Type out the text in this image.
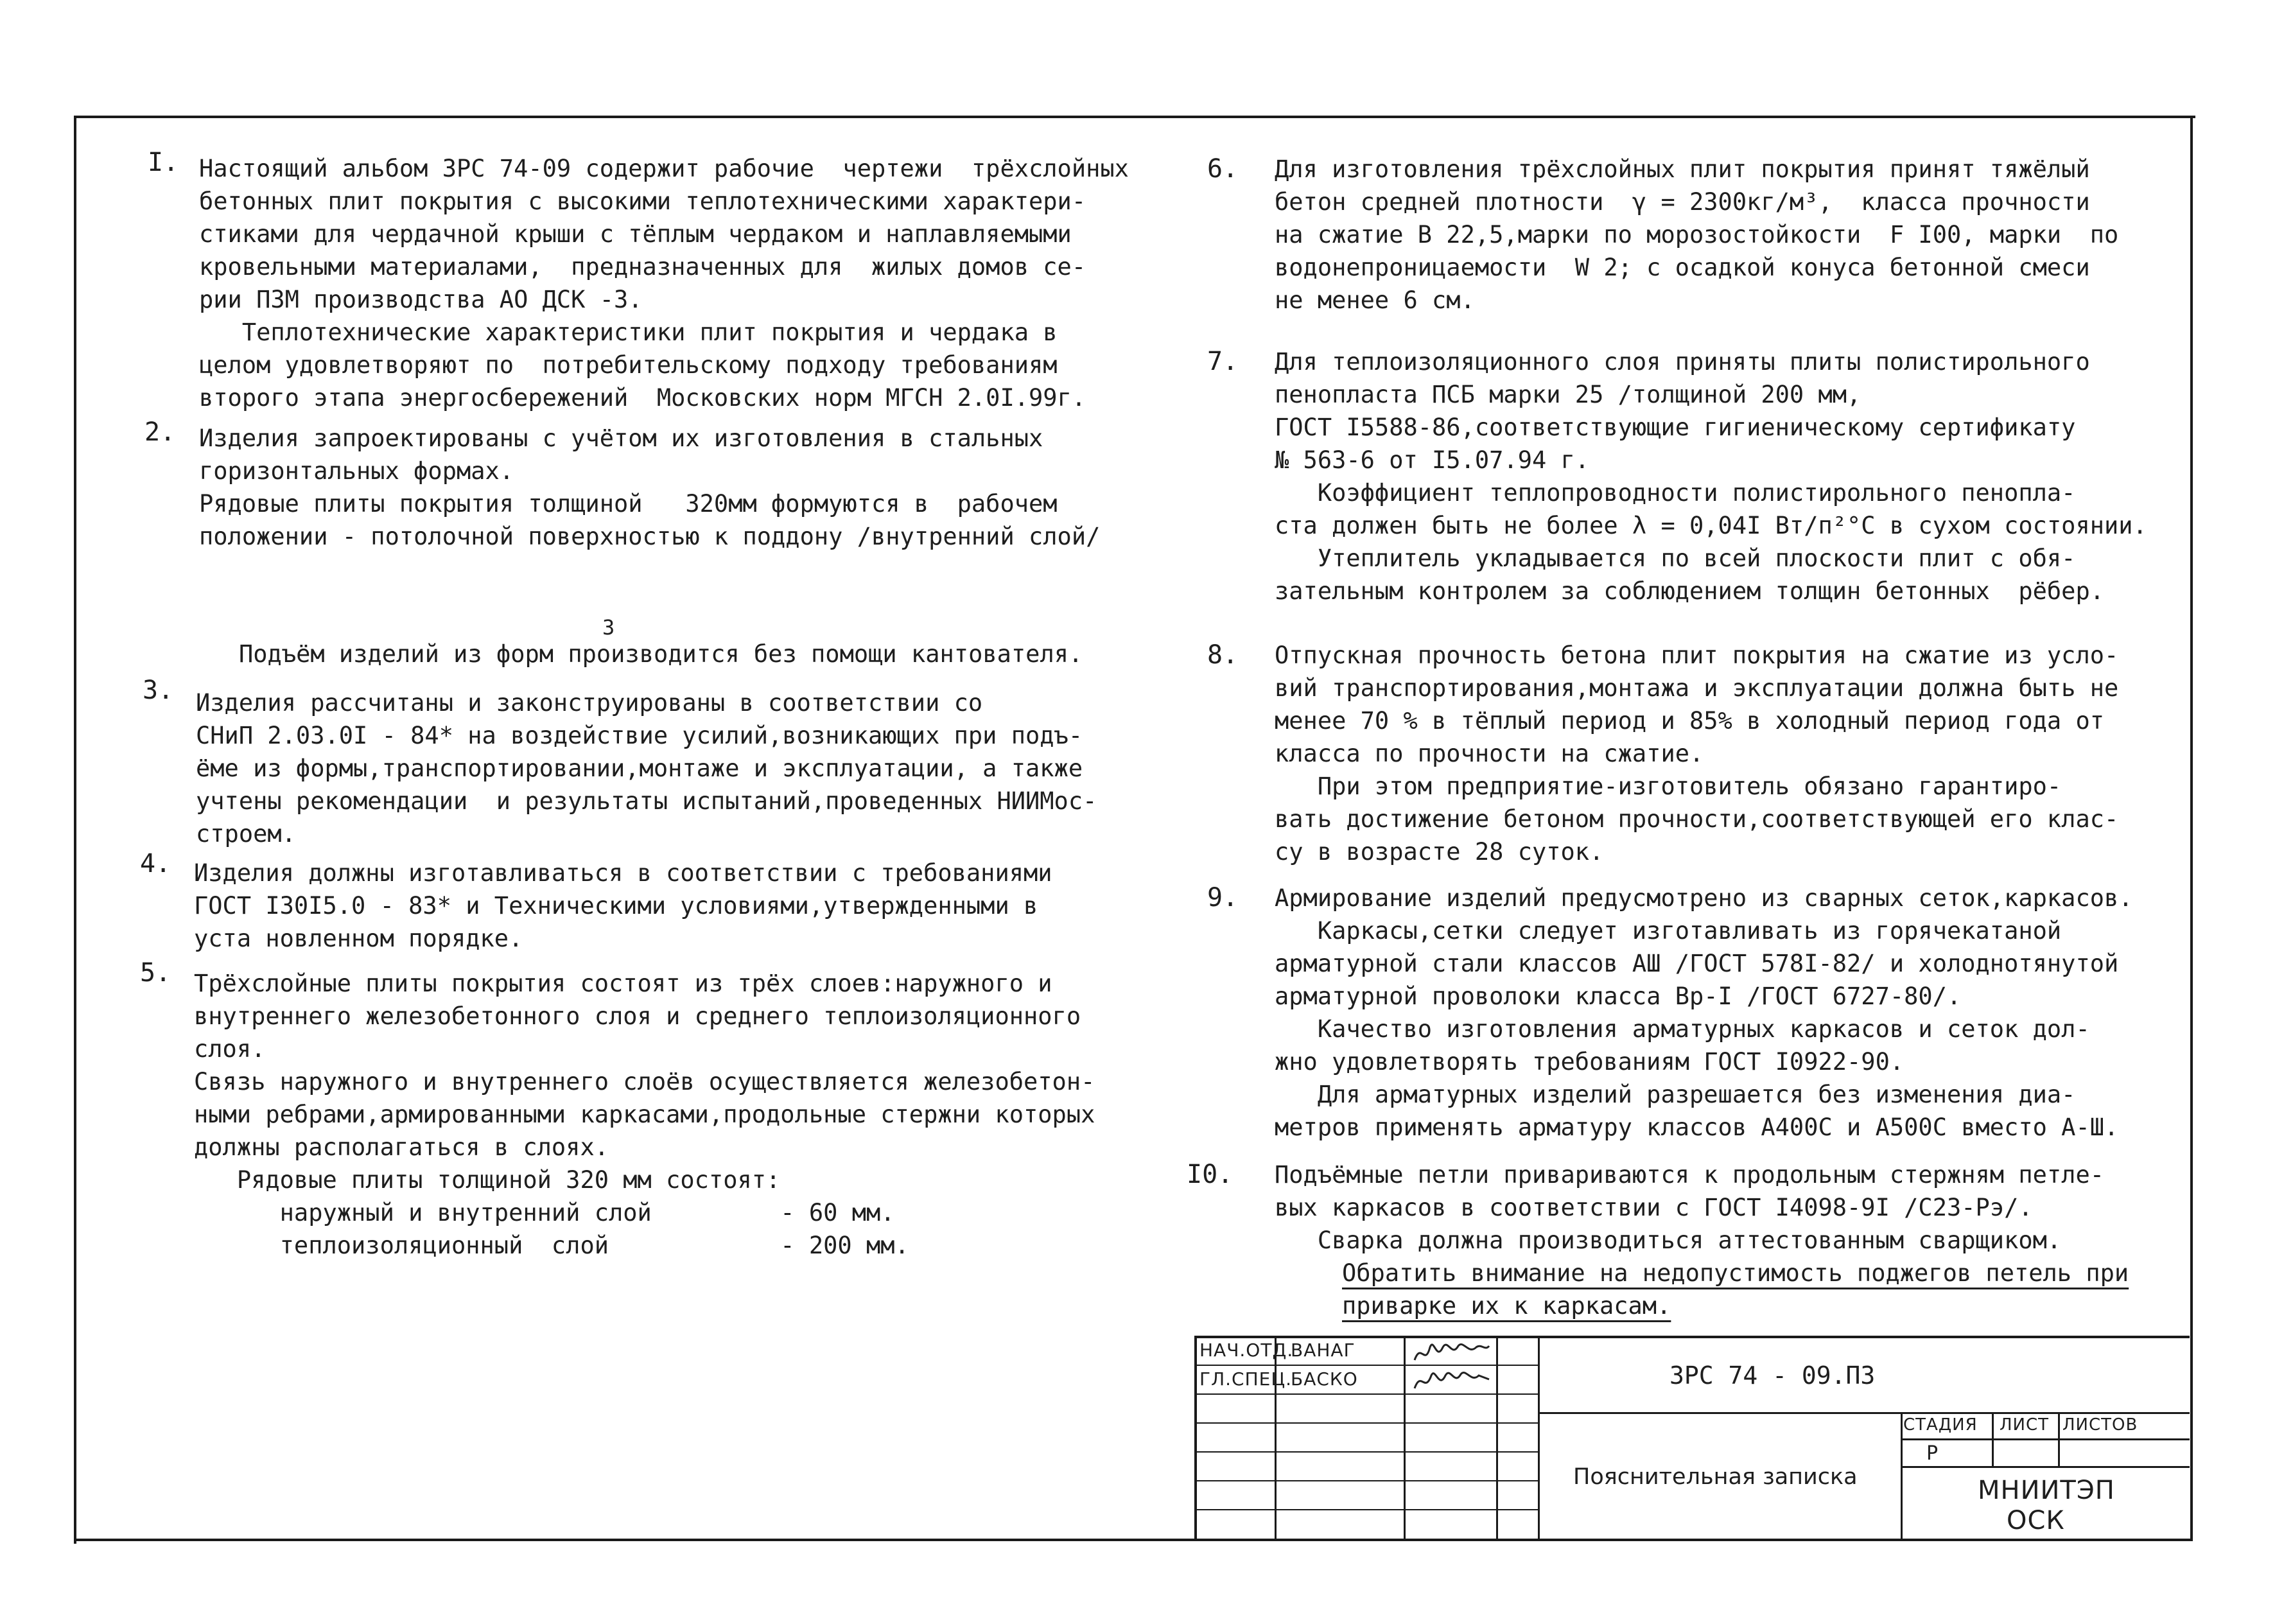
I. Настоящий альбом ЗРС 74-09 содержит рабочие  чертежи  трёхслойных
бетонных плит покрытия с высокими теплотехническими характери-
стиками для чердачной крыши с тёплым чердаком и наплавляемыми
кровельными материалами,  предназначенных для  жилых домов се-
рии П3М производства АО ДСК -3.
Теплотехнические характеристики плит покрытия и чердака в
целом удовлетворяют по  потребительскому подходу требованиям
второго этапа энергосбережений  Московских норм МГСН 2.0I.99г.
2. Изделия запроектированы с учётом их изготовления в стальных
горизонтальных формах.
Рядовые плиты покрытия толщиной   320мм формуются в  рабочем
положении - потолочной поверхностью к поддону /внутренний слой/
3
Подъём изделий из форм производится без помощи кантователя.
3. Изделия рассчитаны и законструированы в соответствии со
СНиП 2.03.0I - 84* на воздействие усилий,возникающих при подъ-
ёме из формы,транспортировании,монтаже и эксплуатации, а также
учтены рекомендации  и результаты испытаний,проведенных НИИМос-
строем.
4. Изделия должны изготавливаться в соответствии с требованиями
ГОСТ I30I5.0 - 83* и Техническими условиями,утвержденными в
уста новленном порядке.
5. Трёхслойные плиты покрытия состоят из трёх слоев:наружного и
внутреннего железобетонного слоя и среднего теплоизоляционного
слоя.
Связь наружного и внутреннего слоёв осуществляется железобетон-
ными ребрами,армированными каркасами,продольные стержни которых
должны располагаться в слоях.
Рядовые плиты толщиной 320 мм состоят:
наружный и внутренний слой         - 60 мм.
теплоизоляционный  слой            - 200 мм.
6. Для изготовления трёхслойных плит покрытия принят тяжёлый
бетон средней плотности  γ = 2300кг/м³,  класса прочности
на сжатие В 22,5,марки по морозостойкости  F I00, марки  по
водонепроницаемости  W 2; с осадкой конуса бетонной смеси
не менее 6 см.
7. Для теплоизоляционного слоя приняты плиты полистирольного
пенопласта ПСБ марки 25 /толщиной 200 мм,
ГОСТ I5588-86,соответствующие гигиеническому сертификату
№ 563-6 от I5.07.94 г.
Коэффициент теплопроводности полистирольного пенопла-
ста должен быть не более λ = 0,04I Вт/п²°С в сухом состоянии.
Утеплитель укладывается по всей плоскости плит с обя-
зательным контролем за соблюдением толщин бетонных  рёбер.
8. Отпускная прочность бетона плит покрытия на сжатие из усло-
вий транспортирования,монтажа и эксплуатации должна быть не
менее 70 % в тёплый период и 85% в холодный период года от
класса по прочности на сжатие.
При этом предприятие-изготовитель обязано гарантиро-
вать достижение бетоном прочности,соответствующей его клас-
су в возрасте 28 суток.
9. Армирование изделий предусмотрено из сварных сеток,каркасов.
Каркасы,сетки следует изготавливать из горячекатаной
арматурной стали классов АШ /ГОСТ 578I-82/ и холоднотянутой
арматурной проволоки класса Вр-I /ГОСТ 6727-80/.
Качество изготовления арматурных каркасов и сеток дол-
жно удовлетворять требованиям ГОСТ I0922-90.
Для арматурных изделий разрешается без изменения диа-
метров применять арматуру классов А400С и А500С вместо А-Ш.
I0. Подъёмные петли привариваются к продольным стержням петле-
вых каркасов в соответствии с ГОСТ I4098-9I /С23-Рэ/.
Сварка должна производиться аттестованным сварщиком.
Обратить внимание на недопустимость поджегов петель при
приварке их к каркасам.
НАЧ.ОТД.
ВАНАГ
ГЛ.СПЕЦ.
БАСКО	ЗРС 74 - 09.ПЗ
Пояснительная записка
СТАДИЯ ЛИСТ ЛИСТОВ
Р
МНИИТЭП
ОСК
